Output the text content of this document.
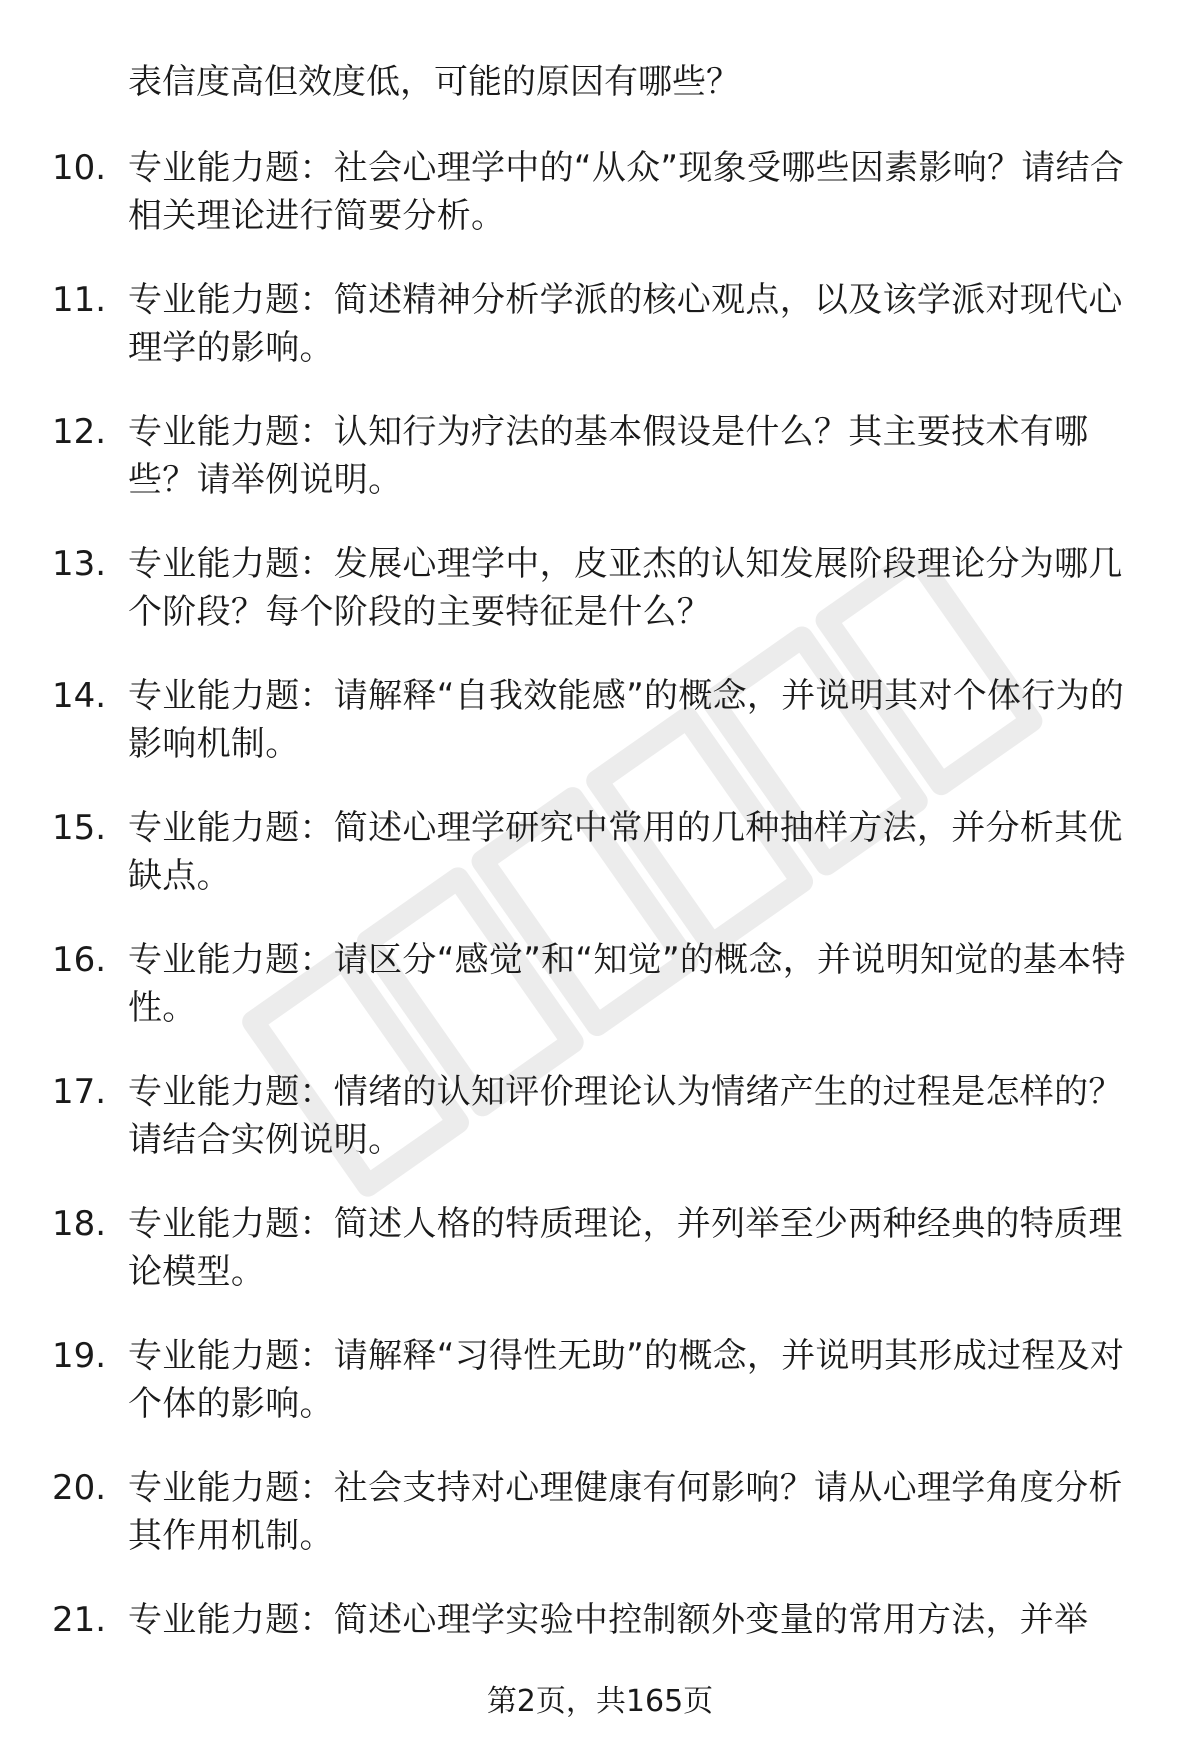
表信度高但效度低，可能的原因有哪些？
10. 专业能力题：社会心理学中的“从众”现象受哪些因素影响？请结合相关理论进行简要分析。
11. 专业能力题：简述精神分析学派的核心观点，以及该学派对现代心理学的影响。
12. 专业能力题：认知行为疗法的基本假设是什么？其主要技术有哪些？请举例说明。
13. 专业能力题：发展心理学中，皮亚杰的认知发展阶段理论分为哪几个阶段？每个阶段的主要特征是什么？
14. 专业能力题：请解释“自我效能感”的概念，并说明其对个体行为的影响机制。
15. 专业能力题：简述心理学研究中常用的几种抽样方法，并分析其优缺点。
16. 专业能力题：请区分“感觉”和“知觉”的概念，并说明知觉的基本特性。
17. 专业能力题：情绪的认知评价理论认为情绪产生的过程是怎样的？请结合实例说明。
18. 专业能力题：简述人格的特质理论，并列举至少两种经典的特质理论模型。
19. 专业能力题：请解释“习得性无助”的概念，并说明其形成过程及对个体的影响。
20. 专业能力题：社会支持对心理健康有何影响？请从心理学角度分析其作用机制。
21. 专业能力题：简述心理学实验中控制额外变量的常用方法，并举
第2页，共165页
